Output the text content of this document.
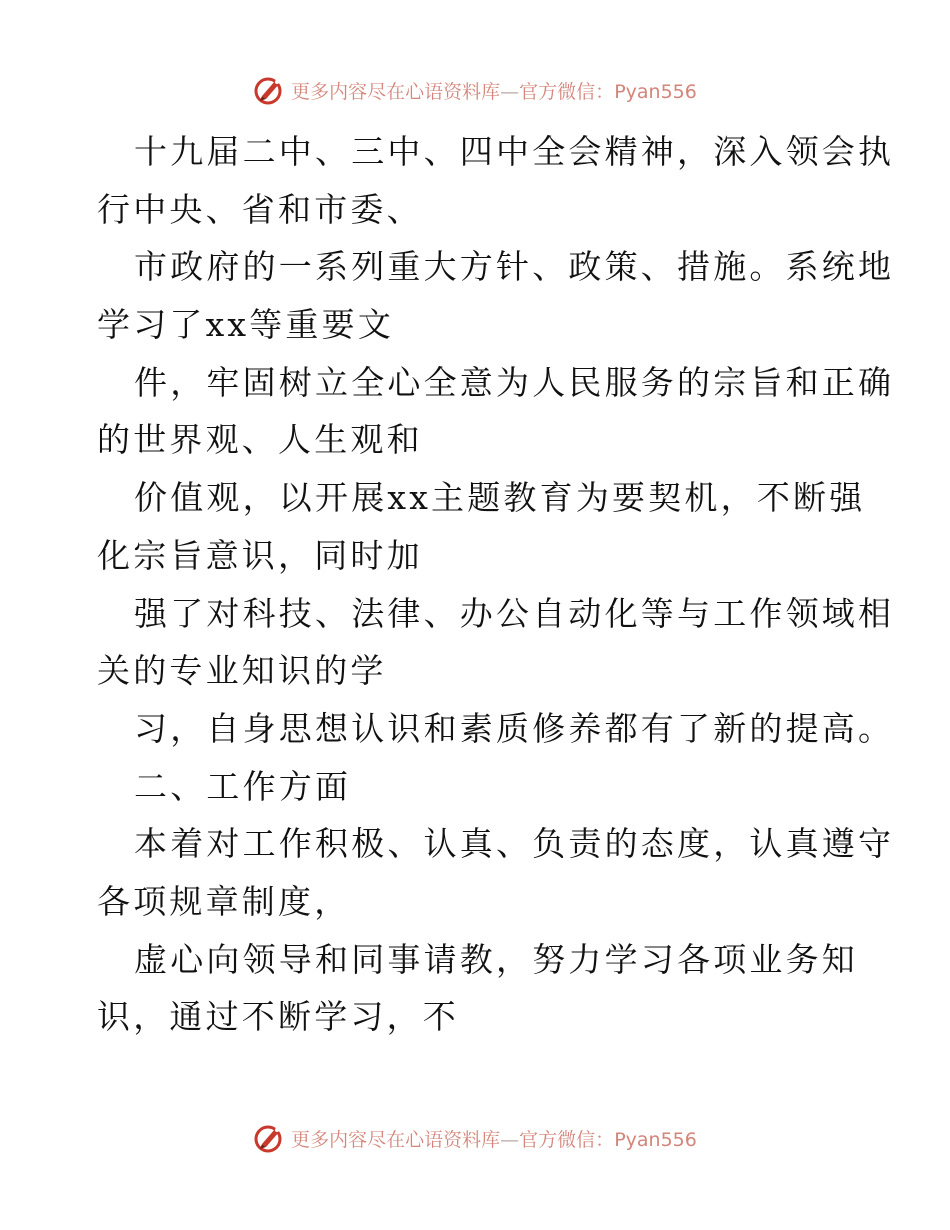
更多内容尽在心语资料库—官方微信：Pyan556
十九届二中、三中、四中全会精神，深入领会执
行中央、省和市委、
市政府的一系列重大方针、政策、措施。系统地
学习了xx等重要文
件，牢固树立全心全意为人民服务的宗旨和正确
的世界观、人生观和
价值观，以开展xx主题教育为要契机，不断强
化宗旨意识，同时加
强了对科技、法律、办公自动化等与工作领域相
关的专业知识的学
习，自身思想认识和素质修养都有了新的提高。
二、工作方面
本着对工作积极、认真、负责的态度，认真遵守
各项规章制度，
虚心向领导和同事请教，努力学习各项业务知
识，通过不断学习，不
更多内容尽在心语资料库—官方微信：Pyan556
